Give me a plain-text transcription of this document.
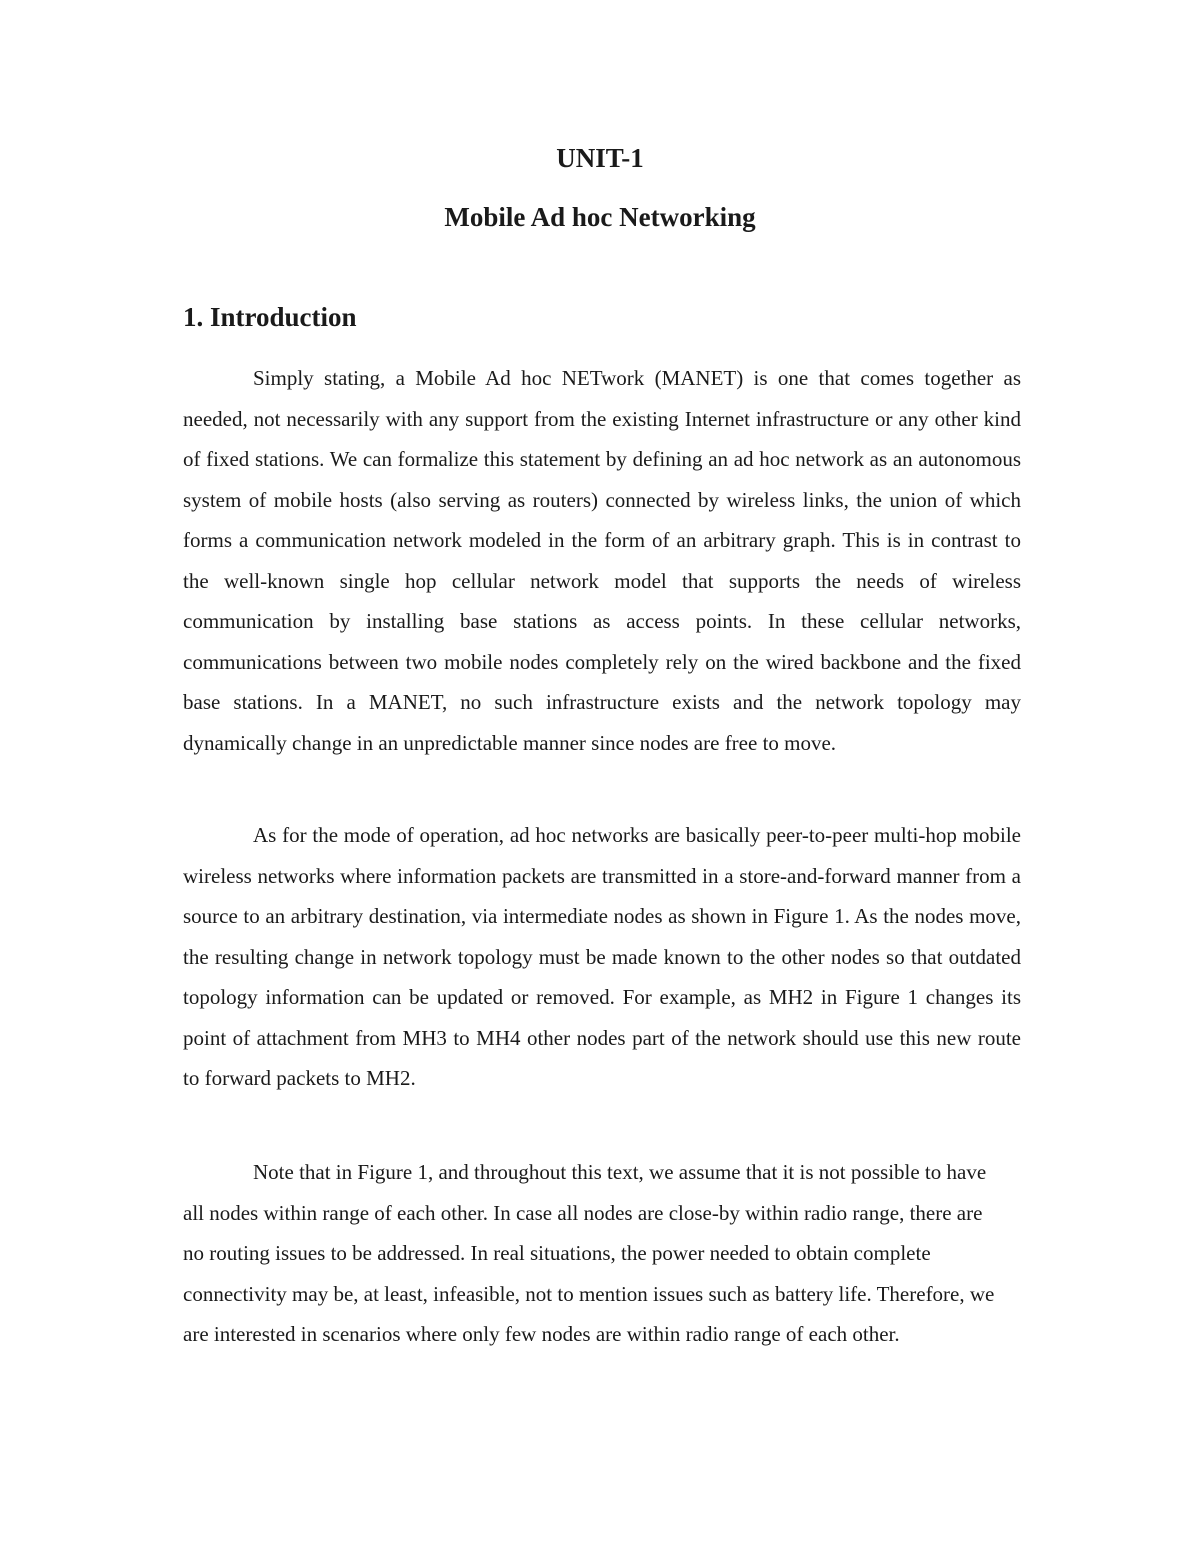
UNIT-1
Mobile Ad hoc Networking
1. Introduction

Simply stating, a Mobile Ad hoc NETwork (MANET) is one that comes together as needed, not necessarily with any support from the existing Internet infrastructure or any other kind of fixed stations. We can formalize this statement by defining an ad hoc network as an autonomous system of mobile hosts (also serving as routers) connected by wireless links, the union of which forms a communication network modeled in the form of an arbitrary graph. This is in contrast to the well-known single hop cellular network model that supports the needs of wireless communication by installing base stations as access points. In these cellular networks, communications between two mobile nodes completely rely on the wired backbone and the fixed base stations. In a MANET, no such infrastructure exists and the network topology may dynamically change in an unpredictable manner since nodes are free to move.

As for the mode of operation, ad hoc networks are basically peer-to-peer multi-hop mobile wireless networks where information packets are transmitted in a store-and-forward manner from a source to an arbitrary destination, via intermediate nodes as shown in Figure 1. As the nodes move, the resulting change in network topology must be made known to the other nodes so that outdated topology information can be updated or removed. For example, as MH2 in Figure 1 changes its point of attachment from MH3 to MH4 other nodes part of the network should use this new route to forward packets to MH2.

Note that in Figure 1, and throughout this text, we assume that it is not possible to have all nodes within range of each other. In case all nodes are close-by within radio range, there are no routing issues to be addressed. In real situations, the power needed to obtain complete connectivity may be, at least, infeasible, not to mention issues such as battery life. Therefore, we are interested in scenarios where only few nodes are within radio range of each other.
